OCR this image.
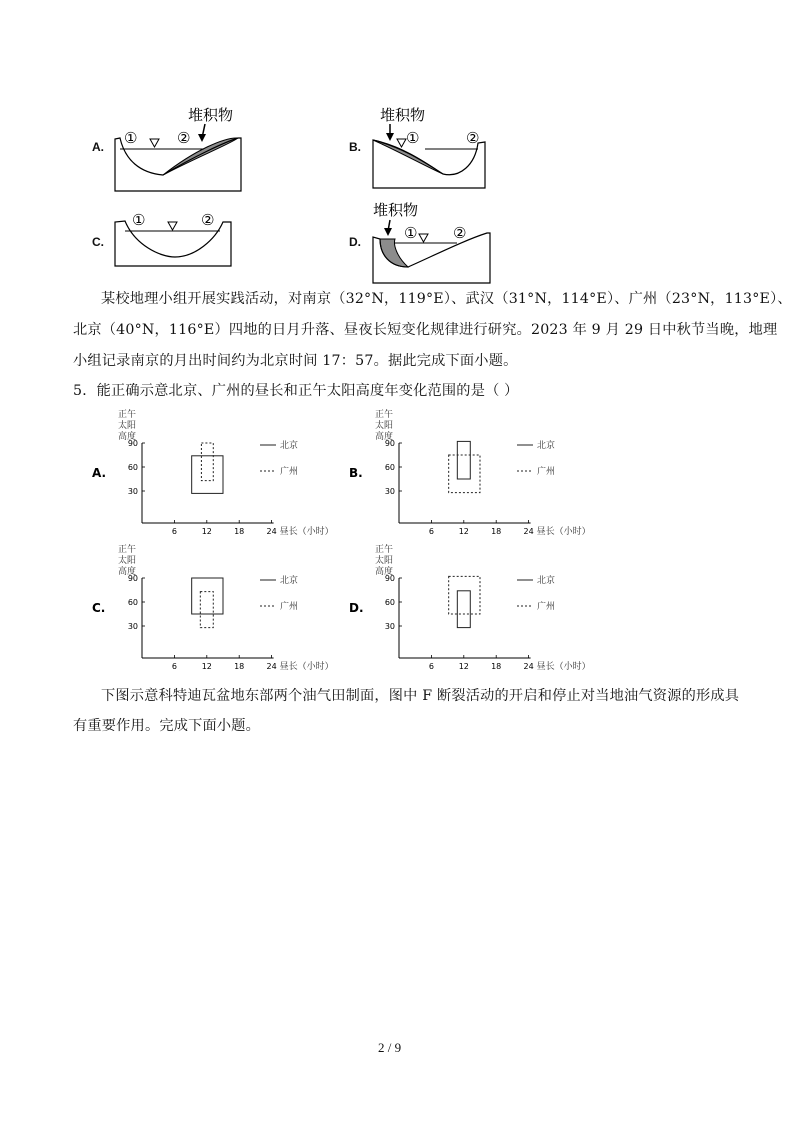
A.
堆积物
①	②	B.
堆积物
①	②
C.
①	②
D.
堆积物
① ②
某校地理小组开展实践活动，对南京（32°N，119°E）、武汉（31°N，114°E）、广州（23°N，113°E）、
北京（40°N，116°E）四地的日月升落、昼夜长短变化规律进行研究。2023 年 9 月 29 日中秋节当晚，地理
小组记录南京的月出时间约为北京时间 17：57。据此完成下面小题。
5．能正确示意北京、广州的昼长和正午太阳高度年变化范围的是（ ）
A.
正午
太阳
高度
30
60
90
6	12	18	24 昼长（小时）
北京
广州	B.
正午
太阳
高度
30
60
90
6	12	18	24 昼长（小时）
北京
广州
C.
正午
太阳
高度
30
60
90
6	12	18	24 昼长（小时）
北京
广州	D.
正午
太阳
高度
30
60
90
6	12	18	24 昼长（小时）
北京
广州
下图示意科特迪瓦盆地东部两个油气田制面，图中 F 断裂活动的开启和停止对当地油气资源的形成具
有重要作用。完成下面小题。
2 / 9
